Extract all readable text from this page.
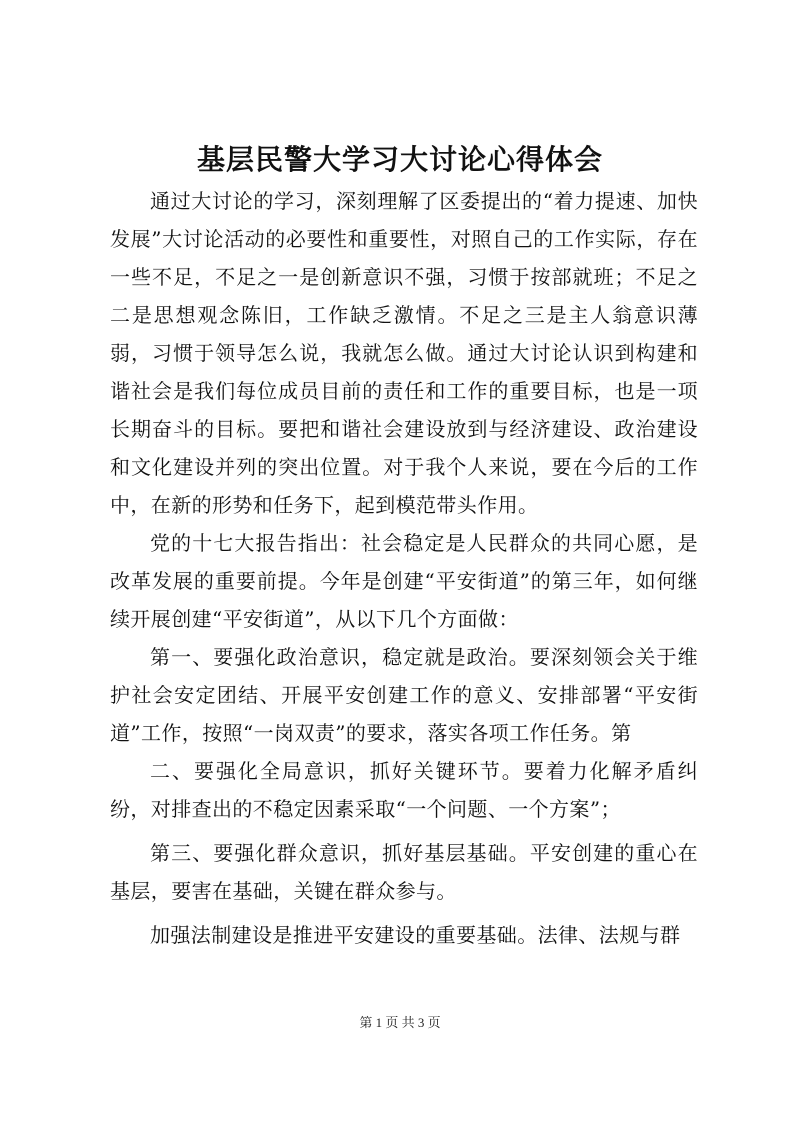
基层民警大学习大讨论心得体会

通过大讨论的学习，深刻理解了区委提出的“着力提速、加快发展”大讨论活动的必要性和重要性，对照自己的工作实际，存在一些不足，不足之一是创新意识不强，习惯于按部就班；不足之二是思想观念陈旧，工作缺乏激情。不足之三是主人翁意识薄弱，习惯于领导怎么说，我就怎么做。通过大讨论认识到构建和谐社会是我们每位成员目前的责任和工作的重要目标，也是一项长期奋斗的目标。要把和谐社会建设放到与经济建设、政治建设和文化建设并列的突出位置。对于我个人来说，要在今后的工作中，在新的形势和任务下，起到模范带头作用。

党的十七大报告指出：社会稳定是人民群众的共同心愿，是改革发展的重要前提。今年是创建“平安街道”的第三年，如何继续开展创建“平安街道”，从以下几个方面做：

第一、要强化政治意识，稳定就是政治。要深刻领会关于维护社会安定团结、开展平安创建工作的意义、安排部署“平安街道”工作，按照“一岗双责”的要求，落实各项工作任务。第

二、要强化全局意识，抓好关键环节。要着力化解矛盾纠纷，对排查出的不稳定因素采取“一个问题、一个方案”；

第三、要强化群众意识，抓好基层基础。平安创建的重心在基层，要害在基础，关键在群众参与。

加强法制建设是推进平安建设的重要基础。法律、法规与群

第 1 页 共 3 页
